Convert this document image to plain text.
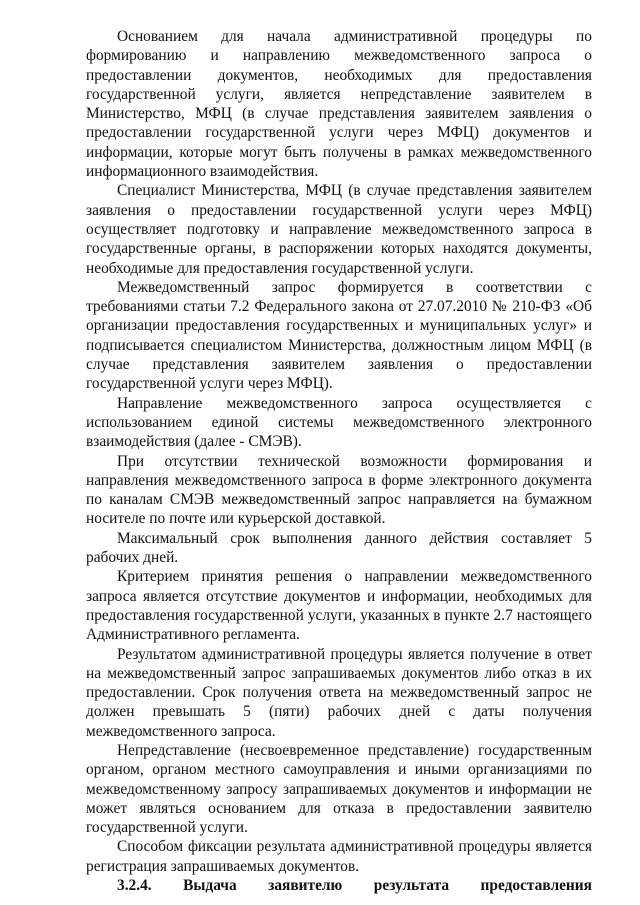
Основанием для начала административной процедуры по формированию и направлению межведомственного запроса о предоставлении документов, необходимых для предоставления государственной услуги, является непредставление заявителем в Министерство, МФЦ (в случае представления заявителем заявления о предоставлении государственной услуги через МФЦ) документов и информации, которые могут быть получены в рамках межведомственного информационного взаимодействия.

Специалист Министерства, МФЦ (в случае представления заявителем заявления о предоставлении государственной услуги через МФЦ) осуществляет подготовку и направление межведомственного запроса в государственные органы, в распоряжении которых находятся документы, необходимые для предоставления государственной услуги.

Межведомственный запрос формируется в соответствии с требованиями статьи 7.2 Федерального закона от 27.07.2010 № 210-ФЗ «Об организации предоставления государственных и муниципальных услуг» и подписывается специалистом Министерства, должностным лицом МФЦ (в случае представления заявителем заявления о предоставлении государственной услуги через МФЦ).

Направление межведомственного запроса осуществляется с использованием единой системы межведомственного электронного взаимодействия (далее - СМЭВ).

При отсутствии технической возможности формирования и направления межведомственного запроса в форме электронного документа по каналам СМЭВ межведомственный запрос направляется на бумажном носителе по почте или курьерской доставкой.

Максимальный срок выполнения данного действия составляет 5 рабочих дней.

Критерием принятия решения о направлении межведомственного запроса является отсутствие документов и информации, необходимых для предоставления государственной услуги, указанных в пункте 2.7 настоящего Административного регламента.

Результатом административной процедуры является получение в ответ на межведомственный запрос запрашиваемых документов либо отказ в их предоставлении. Срок получения ответа на межведомственный запрос не должен превышать 5 (пяти) рабочих дней с даты получения межведомственного запроса.

Непредставление (несвоевременное представление) государственным органом, органом местного самоуправления и иными организациями по межведомственному запросу запрашиваемых документов и информации не может являться основанием для отказа в предоставлении заявителю государственной услуги.

Способом фиксации результата административной процедуры является регистрация запрашиваемых документов.

3.2.4. Выдача заявителю результата предоставления
